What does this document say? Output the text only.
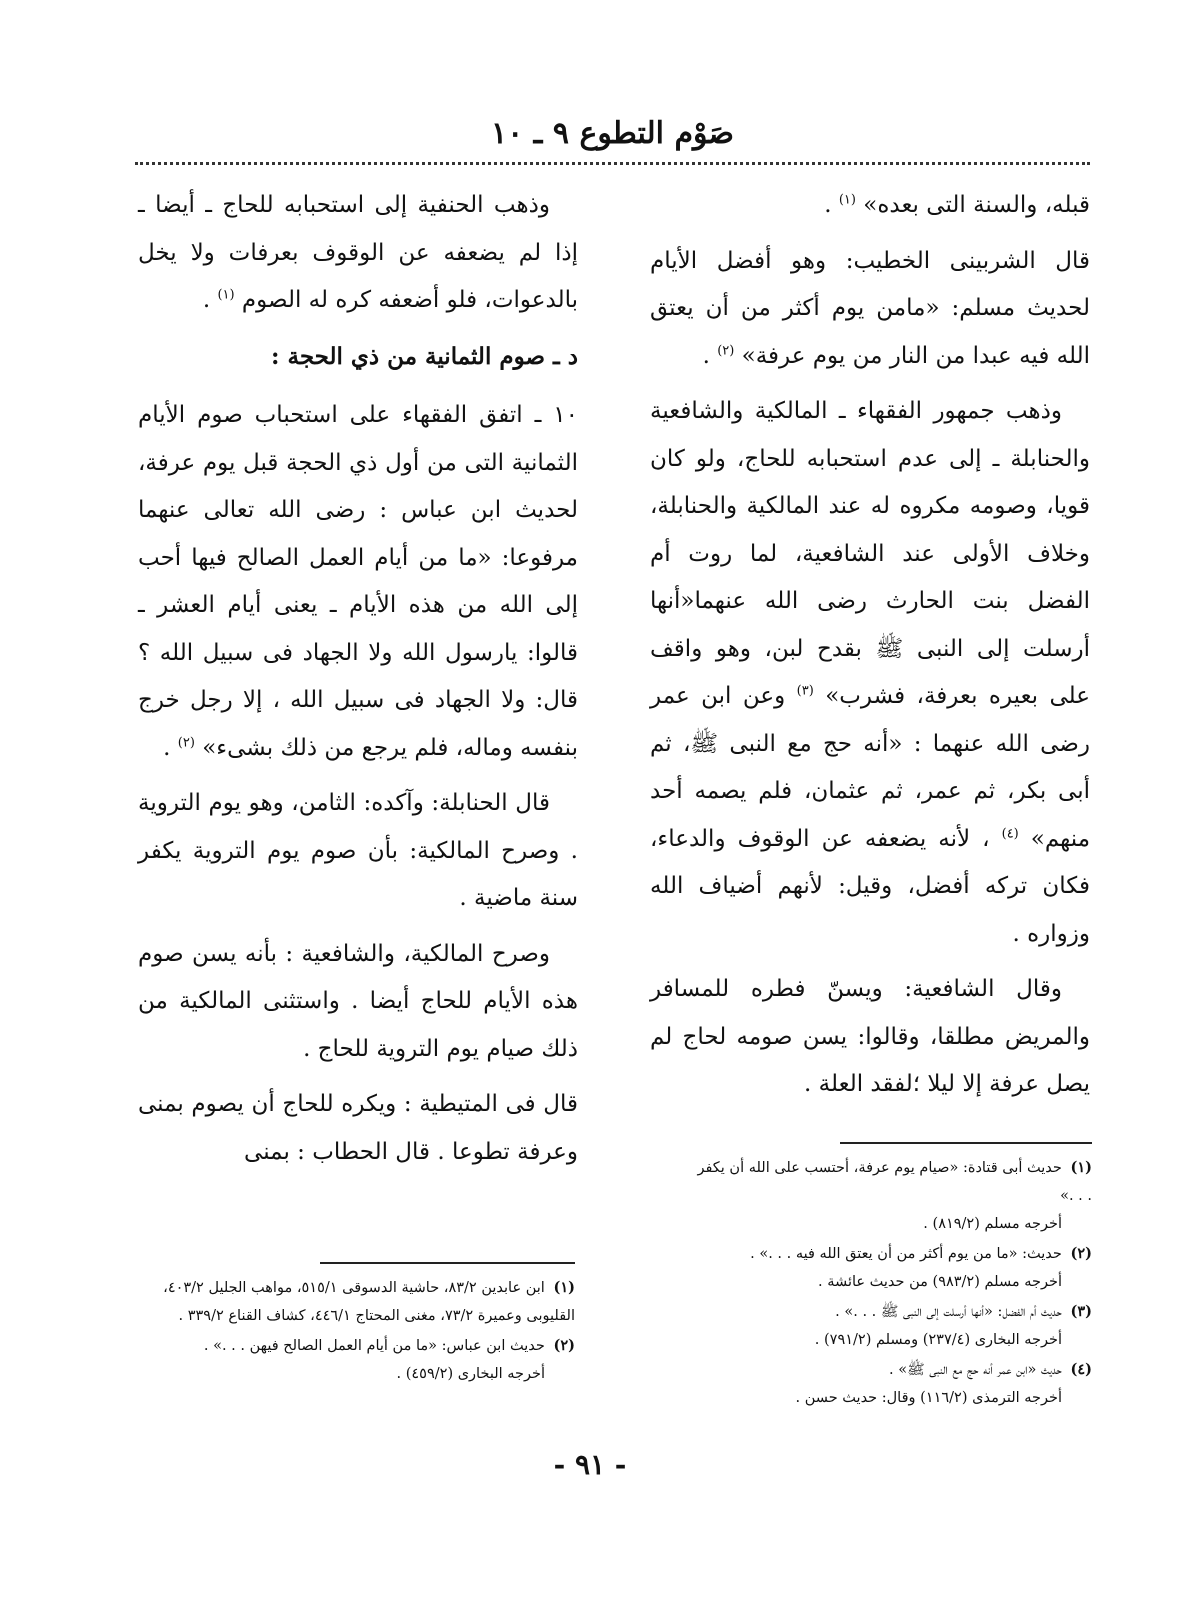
صَوْم التطوع ٩ ـ ١٠

قبله، والسنة التى بعده» $^{(١)}$ .

قال الشربينى الخطيب: وهو أفضل الأيام لحديث مسلم: «مامن يوم أكثر من أن يعتق الله فيه عبدا من النار من يوم عرفة» $^{(٢)}$ .

وذهب جمهور الفقهاء ـ المالكية والشافعية والحنابلة ـ إلى عدم استحبابه للحاج، ولو كان قويا، وصومه مكروه له عند المالكية والحنابلة، وخلاف الأولى عند الشافعية، لما روت أم الفضل بنت الحارث رضى الله عنهما«أنها أرسلت إلى النبى ﷺ بقدح لبن، وهو واقف على بعيره بعرفة، فشرب» $^{(٣)}$ وعن ابن عمر رضى الله عنهما : «أنه حج مع النبى ﷺ، ثم أبى بكر، ثم عمر، ثم عثمان، فلم يصمه أحد منهم» $^{(٤)}$ ، لأنه يضعفه عن الوقوف والدعاء، فكان تركه أفضل، وقيل: لأنهم أضياف الله وزواره .

وقال الشافعية: ويسنّ فطره للمسافر والمريض مطلقا، وقالوا: يسن صومه لحاج لم يصل عرفة إلا ليلا ؛لفقد العلة .

وذهب الحنفية إلى استحبابه للحاج ـ أيضا ـ إذا لم يضعفه عن الوقوف بعرفات ولا يخل بالدعوات، فلو أضعفه كره له الصوم $^{(١)}$ .

د ـ صوم الثمانية من ذي الحجة :

١٠ ـ اتفق الفقهاء على استحباب صوم الأيام الثمانية التى من أول ذي الحجة قبل يوم عرفة، لحديث ابن عباس : رضى الله تعالى عنهما مرفوعا: «ما من أيام العمل الصالح فيها أحب إلى الله من هذه الأيام ـ يعنى أيام العشر ـ قالوا: يارسول الله ولا الجهاد فى سبيل الله ؟ قال: ولا الجهاد فى سبيل الله ، إلا رجل خرج بنفسه وماله، فلم يرجع من ذلك بشىء» $^{(٢)}$ .

قال الحنابلة: وآكده: الثامن، وهو يوم التروية . وصرح المالكية: بأن صوم يوم التروية يكفر سنة ماضية .

وصرح المالكية، والشافعية : بأنه يسن صوم هذه الأيام للحاج أيضا . واستثنى المالكية من ذلك صيام يوم التروية للحاج .

قال فى المتيطية : ويكره للحاج أن يصوم بمنى وعرفة تطوعا . قال الحطاب : بمنى

(١) حديث أبى قتادة: «صيام يوم عرفة، أحتسب على الله أن يكفر . . .»
أخرجه مسلم (٨١٩/٢) .
(٢) حديث: «ما من يوم أكثر من أن يعتق الله فيه . . .» .
أخرجه مسلم (٩٨٣/٢) من حديث عائشة .
(٣) حديث أم الفضل: «أنها أرسلت إلى النبى ﷺ . . .» .
أخرجه البخارى (٢٣٧/٤) ومسلم (٧٩١/٢) .
(٤) حديث «ابن عمر أنه حج مع النبى ﷺ» .
أخرجه الترمذى (١١٦/٢) وقال: حديث حسن .
(١) ابن عابدين ٨٣/٢، حاشية الدسوقى ٥١٥/١، مواهب الجليل ٤٠٣/٢، القليوبى وعميرة ٧٣/٢، مغنى المحتاج ٤٤٦/١، كشاف القناع ٣٣٩/٢ .
(٢) حديث ابن عباس: «ما من أيام العمل الصالح فيهن . . .» .
أخرجه البخارى (٤٥٩/٢) .
- ٩١ -
